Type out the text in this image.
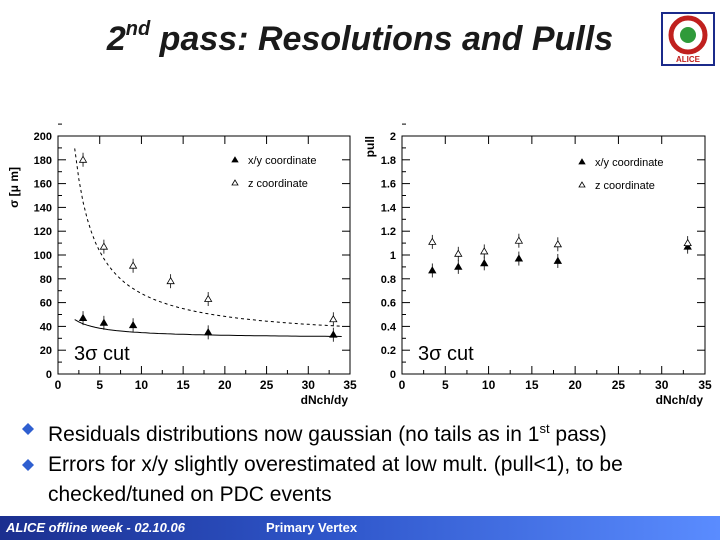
2nd pass: Resolutions and Pulls
ALICE
0
20
40
60
80
100
120
140
160
180
200
0	5	10 15 20 25 30 35
dNch/dy
σ [μ m]
x/y coordinate
z coordinate
3σ cut
0
0.2
0.4
0.6
0.8
1
1.2
1.4
1.6
1.8
2
0	5	10 15 20 25 30 35
dNch/dy
pull
x/y coordinate
z coordinate
3σ cut
Residuals distributions now gaussian (no tails as in 1st pass)
Errors for x/y slightly overestimated at low mult. (pull<1), to be checked/tuned on PDC events
ALICE offline week - 02.10.06	Primary Vertex
